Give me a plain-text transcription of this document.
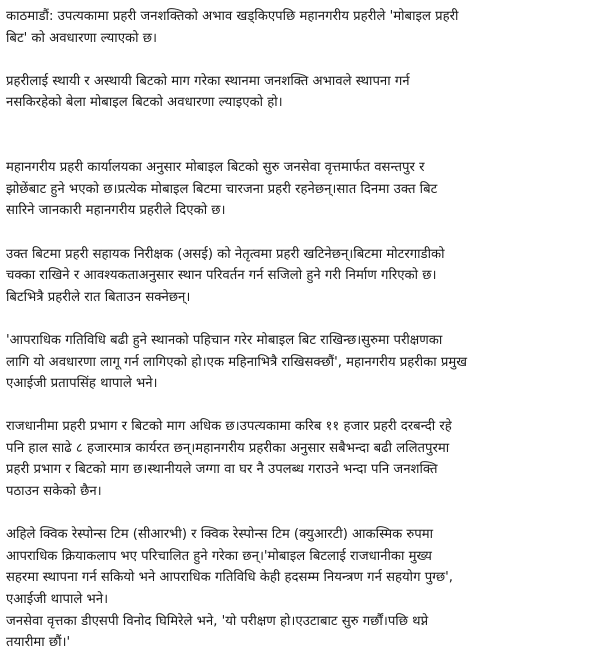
काठमाडौं: उपत्यकामा प्रहरी जनशक्तिको अभाव खड्किएपछि महानगरीय प्रहरीले 'मोबाइल प्रहरी
बिट' को अवधारणा ल्याएको छ।

प्रहरीलाई स्थायी र अस्थायी बिटको माग गरेका स्थानमा जनशक्ति अभावले स्थापना गर्न
नसकिरहेको बेला मोबाइल बिटको अवधारणा ल्याइएको हो।

महानगरीय प्रहरी कार्यालयका अनुसार मोबाइल बिटको सुरु जनसेवा वृत्तमार्फत वसन्तपुर र
झोछेंबाट हुने भएको छ।प्रत्येक मोबाइल बिटमा चारजना प्रहरी रहनेछन्।सात दिनमा उक्त बिट
सारिने जानकारी महानगरीय प्रहरीले दिएको छ।

उक्त बिटमा प्रहरी सहायक निरीक्षक (असई) को नेतृत्वमा प्रहरी खटिनेछन्।बिटमा मोटरगाडीको
चक्का राखिने र आवश्यकताअनुसार स्थान परिवर्तन गर्न सजिलो हुने गरी निर्माण गरिएको छ।
बिटभित्रै प्रहरीले रात बिताउन सक्नेछन्।

'आपराधिक गतिविधि बढी हुने स्थानको पहिचान गरेर मोबाइल बिट राखिन्छ।सुरुमा परीक्षणका
लागि यो अवधारणा लागू गर्न लागिएको हो।एक महिनाभित्रै राखिसक्छौं', महानगरीय प्रहरीका प्रमुख
एआईजी प्रतापसिंह थापाले भने।

राजधानीमा प्रहरी प्रभाग र बिटको माग अधिक छ।उपत्यकामा करिब ११ हजार प्रहरी दरबन्दी रहे
पनि हाल साढे ८ हजारमात्र कार्यरत छन्।महानगरीय प्रहरीका अनुसार सबैभन्दा बढी ललितपुरमा
प्रहरी प्रभाग र बिटको माग छ।स्थानीयले जग्गा वा घर नै उपलब्ध गराउने भन्दा पनि जनशक्ति
पठाउन सकेको छैन।

अहिले क्विक रेस्पोन्स टिम (सीआरभी) र क्विक रेस्पोन्स टिम (क्युआरटी) आकस्मिक रुपमा
आपराधिक क्रियाकलाप भए परिचालित हुने गरेका छन्।'मोबाइल बिटलाई राजधानीका मुख्य
सहरमा स्थापना गर्न सकियो भने आपराधिक गतिविधि केही हदसम्म नियन्त्रण गर्न सहयोग पुग्छ',
एआईजी थापाले भने।

जनसेवा वृत्तका डीएसपी विनोद घिमिरेले भने, 'यो परीक्षण हो।एउटाबाट सुरु गर्छौं।पछि थप्ने
तयारीमा छौं।'
